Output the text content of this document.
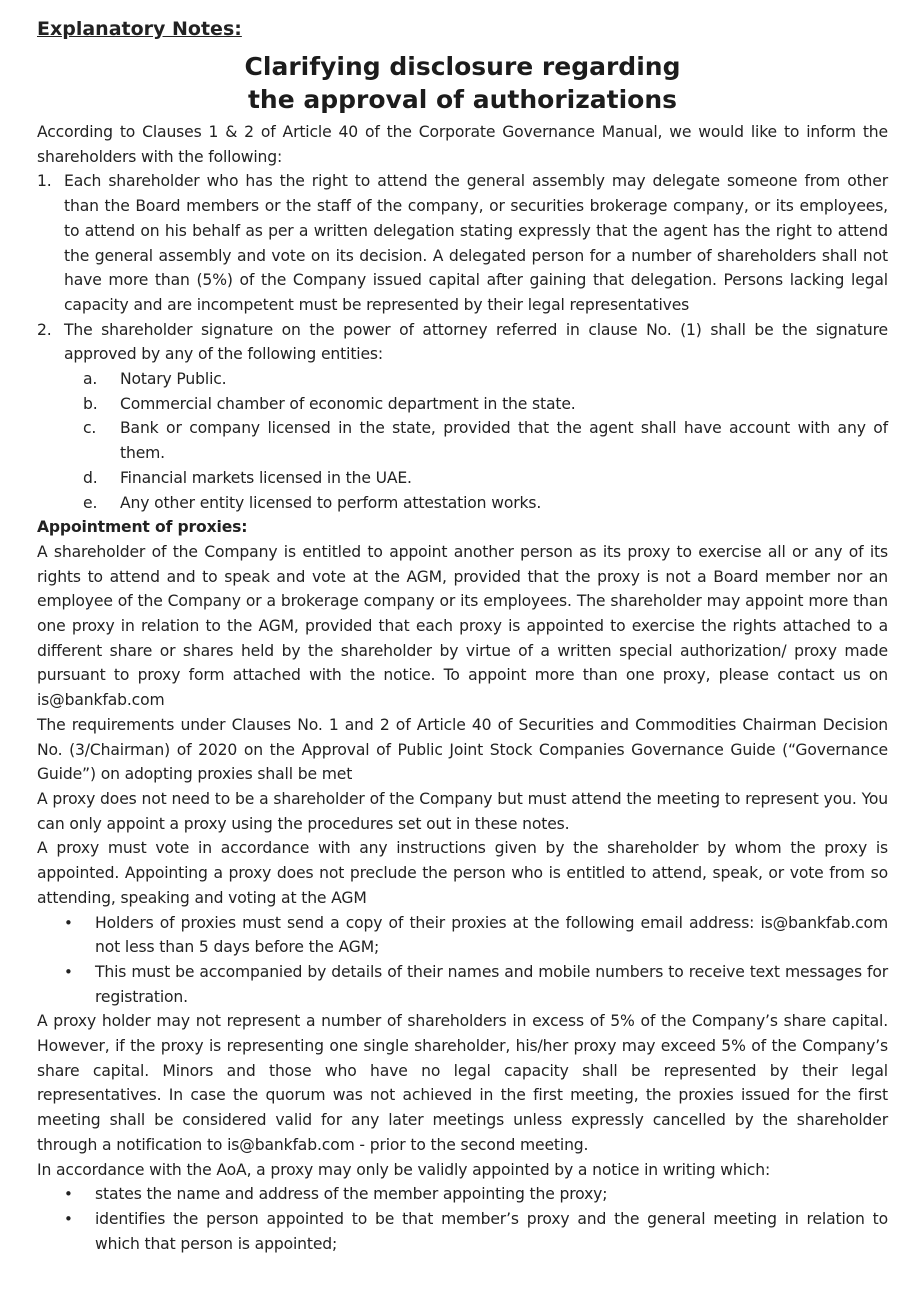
Explanatory Notes:
Clarifying disclosure regarding
the approval of authorizations

According to Clauses 1 & 2 of Article 40 of the Corporate Governance Manual, we would like to inform the shareholders with the following:

1. Each shareholder who has the right to attend the general assembly may delegate someone from other than the Board members or the staff of the company, or securities brokerage company, or its employees, to attend on his behalf as per a written delegation stating expressly that the agent has the right to attend the general assembly and vote on its decision. A delegated person for a number of shareholders shall not have more than (5%) of the Company issued capital after gaining that delegation. Persons lacking legal capacity and are incompetent must be represented by their legal representatives
2. The shareholder signature on the power of attorney referred in clause No. (1) shall be the signature approved by any of the following entities:
a.	Notary Public.
b.	Commercial chamber of economic department in the state.
c.	Bank or company licensed in the state, provided that the agent shall have account with any of them.
d.	Financial markets licensed in the UAE.
e.	Any other entity licensed to perform attestation works.

Appointment of proxies:

A shareholder of the Company is entitled to appoint another person as its proxy to exercise all or any of its rights to attend and to speak and vote at the AGM, provided that the proxy is not a Board member nor an employee of the Company or a brokerage company or its employees. The shareholder may appoint more than one proxy in relation to the AGM, provided that each proxy is appointed to exercise the rights attached to a different share or shares held by the shareholder by virtue of a written special authorization/ proxy made pursuant to proxy form attached with the notice. To appoint more than one proxy, please contact us on is@bankfab.com

The requirements under Clauses No. 1 and 2 of Article 40 of Securities and Commodities Chairman Decision No. (3/Chairman) of 2020 on the Approval of Public Joint Stock Companies Governance Guide (“Governance Guide”) on adopting proxies shall be met

A proxy does not need to be a shareholder of the Company but must attend the meeting to represent you. You can only appoint a proxy using the procedures set out in these notes.

A proxy must vote in accordance with any instructions given by the shareholder by whom the proxy is appointed. Appointing a proxy does not preclude the person who is entitled to attend, speak, or vote from so attending, speaking and voting at the AGM

•	Holders of proxies must send a copy of their proxies at the following email address: is@bankfab.com not less than 5 days before the AGM;
•	This must be accompanied by details of their names and mobile numbers to receive text messages for registration.

A proxy holder may not represent a number of shareholders in excess of 5% of the Company’s share capital. However, if the proxy is representing one single shareholder, his/her proxy may exceed 5% of the Company’s share capital. Minors and those who have no legal capacity shall be represented by their legal representatives. In case the quorum was not achieved in the first meeting, the proxies issued for the first meeting shall be considered valid for any later meetings unless expressly cancelled by the shareholder through a notification to is@bankfab.com - prior to the second meeting.

In accordance with the AoA, a proxy may only be validly appointed by a notice in writing which:

•	states the name and address of the member appointing the proxy;
•	identifies the person appointed to be that member’s proxy and the general meeting in relation to which that person is appointed;
